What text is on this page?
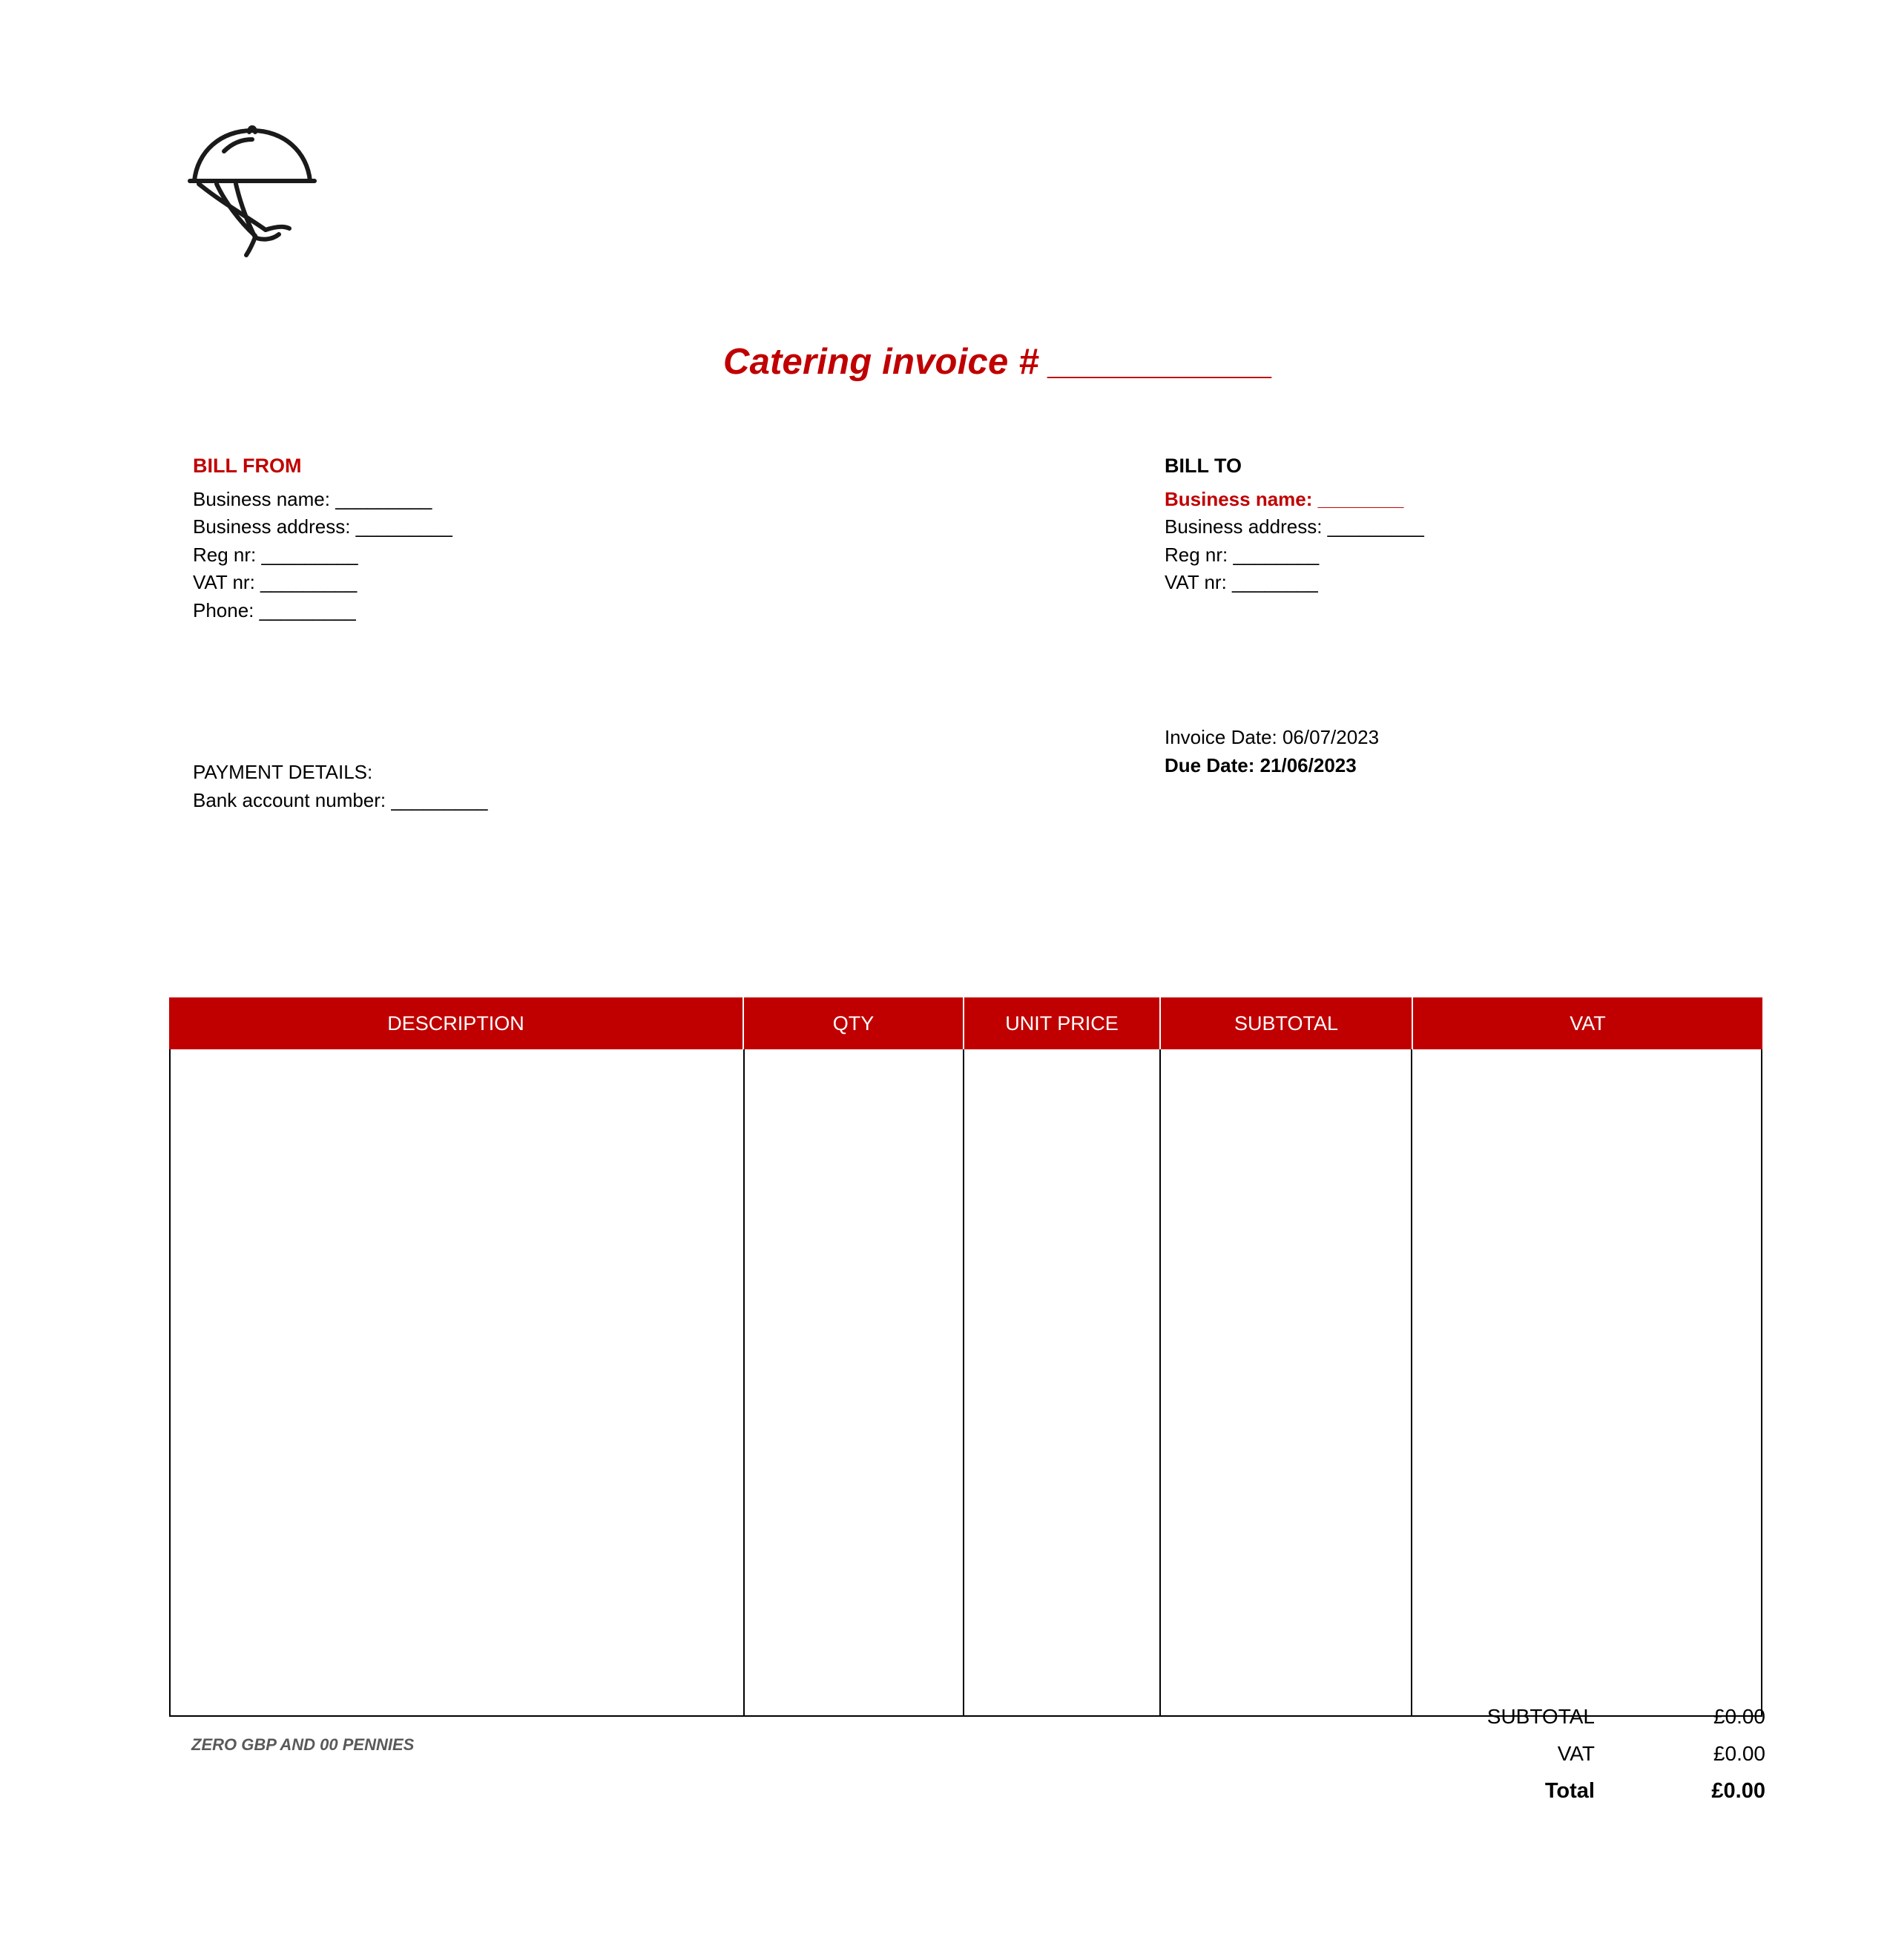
Catering invoice # ___________
BILL FROM
Business name: _________
Business address: _________
Reg nr: _________
VAT nr: _________
Phone: _________
BILL TO
Business name: ________
Business address: _________
Reg nr: ________
VAT nr: ________
Invoice Date: 06/07/2023
Due Date: 21/06/2023
PAYMENT DETAILS:
Bank account number: _________
DESCRIPTION	QTY	UNIT PRICE	SUBTOTAL	VAT
SUBTOTAL	£0.00
VAT	£0.00
Total	£0.00
ZERO GBP AND 00 PENNIES
